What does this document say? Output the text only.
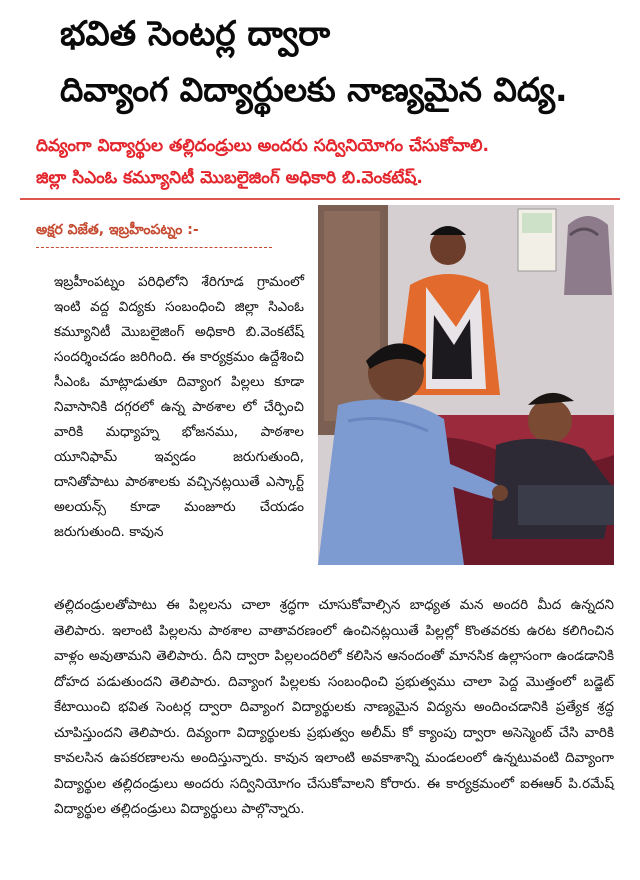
భవిత సెంటర్ల ద్వారా
దివ్యాంగ విద్యార్థులకు నాణ్యమైన విద్య.
దివ్యంగా విద్యార్థుల తల్లిదండ్రులు అందరు సద్వినియోగం చేసుకోవాలి.
జిల్లా సిఎంఓ కమ్యూనిటీ మొబలైజింగ్ అధికారి బి.వెంకటేష్.
అక్షర విజేత, ఇబ్రహీంపట్నం :-

ఇబ్రహీంపట్నం పరిధిలోని శేరిగూడ గ్రామంలో ఇంటి వద్ద విద్యకు సంబంధించి జిల్లా సిఎంఓ కమ్యూనిటీ మొబలైజింగ్ అధికారి బి.వెంకటేష్ సందర్శించడం జరిగింది. ఈ కార్యక్రమం ఉద్దేశించి సీఎంఓ మాట్లాడుతూ దివ్యాంగ పిల్లలు కూడా నివాసానికి దగ్గరలో ఉన్న పాఠశాల లో చేర్పించి వారికి మధ్యాహ్న భోజనము, పాఠశాల యూనిఫామ్ ఇవ్వడం జరుగుతుంది, దానితోపాటు పాఠశాలకు వచ్చినట్లయితే ఎస్కార్ట్ అలయన్స్ కూడా మంజూరు చేయడం జరుగుతుంది. కావున

తల్లిదండ్రులతోపాటు ఈ పిల్లలను చాలా శ్రద్ధగా చూసుకోవాల్సిన బాధ్యత మన అందరి మీద ఉన్నదని తెలిపారు. ఇలాంటి పిల్లలను పాఠశాల వాతావరణంలో ఉంచినట్లయితే పిల్లల్లో కొంతవరకు ఉరట కలిగించిన వాళ్లం అవుతామని తెలిపారు. దీని ద్వారా పిల్లలందరిలో కలిసిన ఆనందంతో మానసిక ఉల్లాసంగా ఉండడానికి దోహద పడుతుందని తెలిపారు. దివ్యాంగ పిల్లలకు సంబంధించి ప్రభుత్వము చాలా పెద్ద మొత్తంలో బడ్జెట్ కేటాయించి భవిత సెంటర్ల ద్వారా దివ్యాంగ విద్యార్థులకు నాణ్యమైన విద్యను అందించడానికి ప్రత్యేక శ్రద్ధ చూపిస్తుందని తెలిపారు. దివ్యంగా విద్యార్థులకు ప్రభుత్వం అలీమ్ కో క్యాంపు ద్వారా అసెస్మెంట్ చేసి వారికి కావలసిన ఉపకరణాలను అందిస్తున్నారు. కావున ఇలాంటి అవకాశాన్ని మండలంలో ఉన్నటువంటి దివ్యాంగా విద్యార్థుల తల్లిదండ్రులు అందరు సద్వినియోగం చేసుకోవాలని కోరారు. ఈ కార్యక్రమంలో ఐఈఆర్ పి.రమేష్ విద్యార్థుల తల్లిదండ్రులు విద్యార్థులు పాల్గొన్నారు.
